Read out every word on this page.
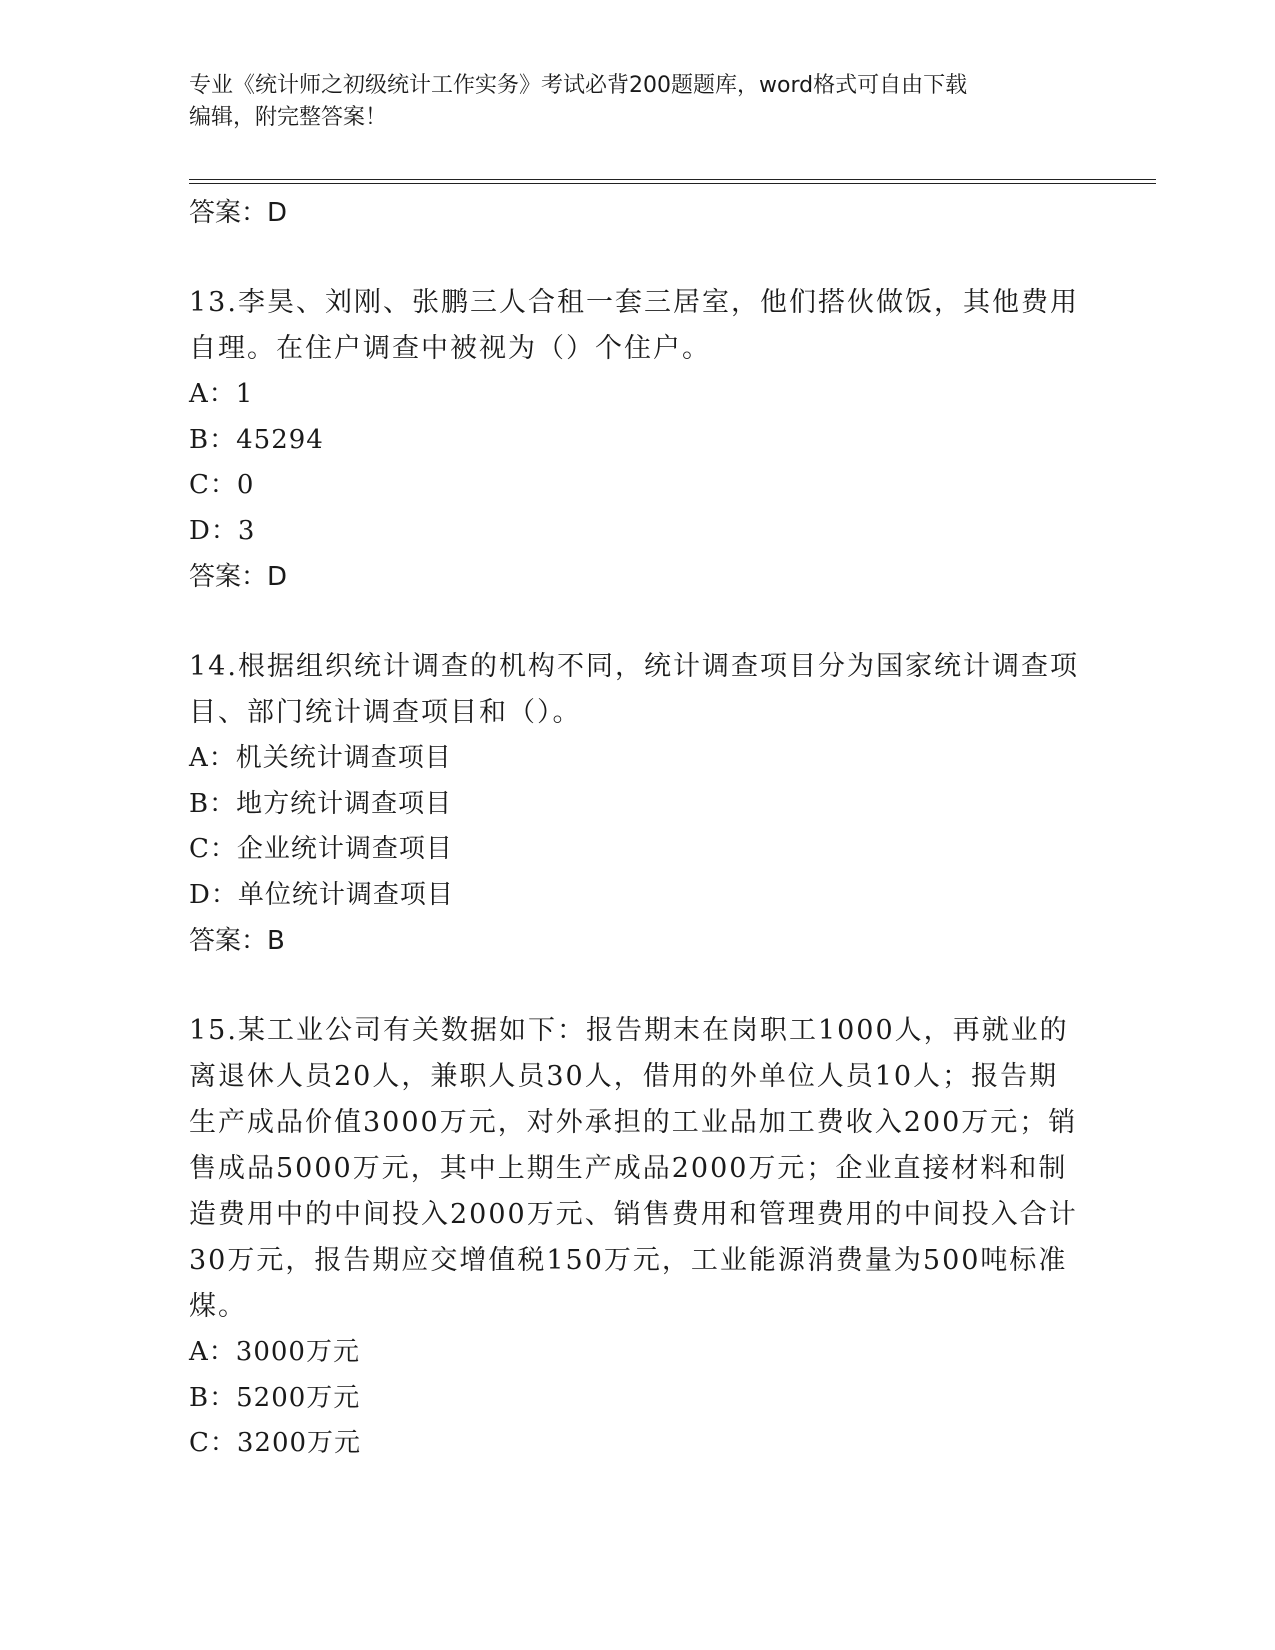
专业《统计师之初级统计工作实务》考试必背200题题库，word格式可自由下载
编辑，附完整答案！
答案：D
13.李昊、刘刚、张鹏三人合租一套三居室，他们搭伙做饭，其他费用
自理。在住户调查中被视为（）个住户。
A：1
B：45294
C：0
D：3
答案：D
14.根据组织统计调查的机构不同，统计调查项目分为国家统计调查项
目、部门统计调查项目和（）。
A：机关统计调查项目
B：地方统计调查项目
C：企业统计调查项目
D：单位统计调查项目
答案：B
15.某工业公司有关数据如下：报告期末在岗职工1000人，再就业的
离退休人员20人，兼职人员30人，借用的外单位人员10人；报告期
生产成品价值3000万元，对外承担的工业品加工费收入200万元；销
售成品5000万元，其中上期生产成品2000万元；企业直接材料和制
造费用中的中间投入2000万元、销售费用和管理费用的中间投入合计
30万元，报告期应交增值税150万元，工业能源消费量为500吨标准
煤。
A：3000万元
B：5200万元
C：3200万元
